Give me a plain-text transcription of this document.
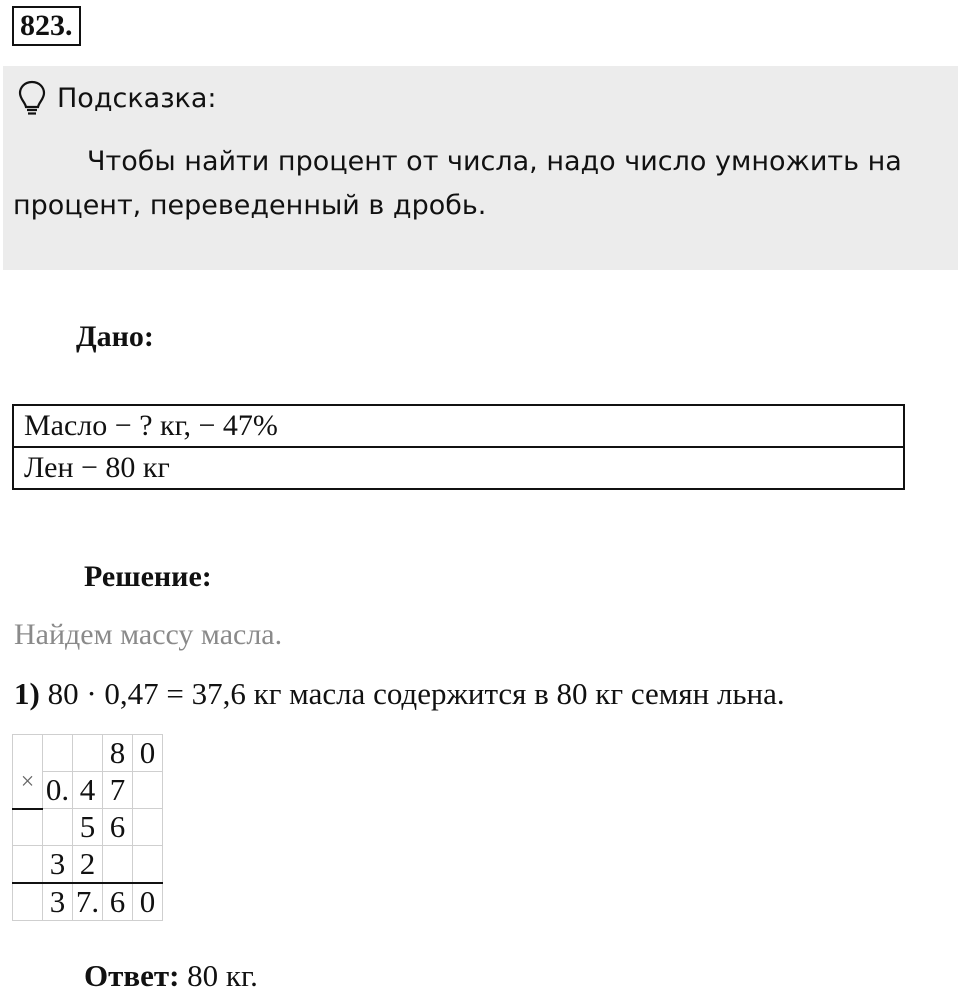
823.
Подсказка:
Чтобы найти процент от числа, надо число умножить на процент, переведенный в дробь.
Дано:
Масло − ? кг, − 47%
Лен − 80 кг
Решение:
Найдем массу масла.
1) 80 · 0,47 = 37,6 кг масла содержится в 80 кг семян льна.
×			8	0
	0.	4	7	
		5	6	
	3	2		
	3	7.	6	0
Ответ: 80 кг.
